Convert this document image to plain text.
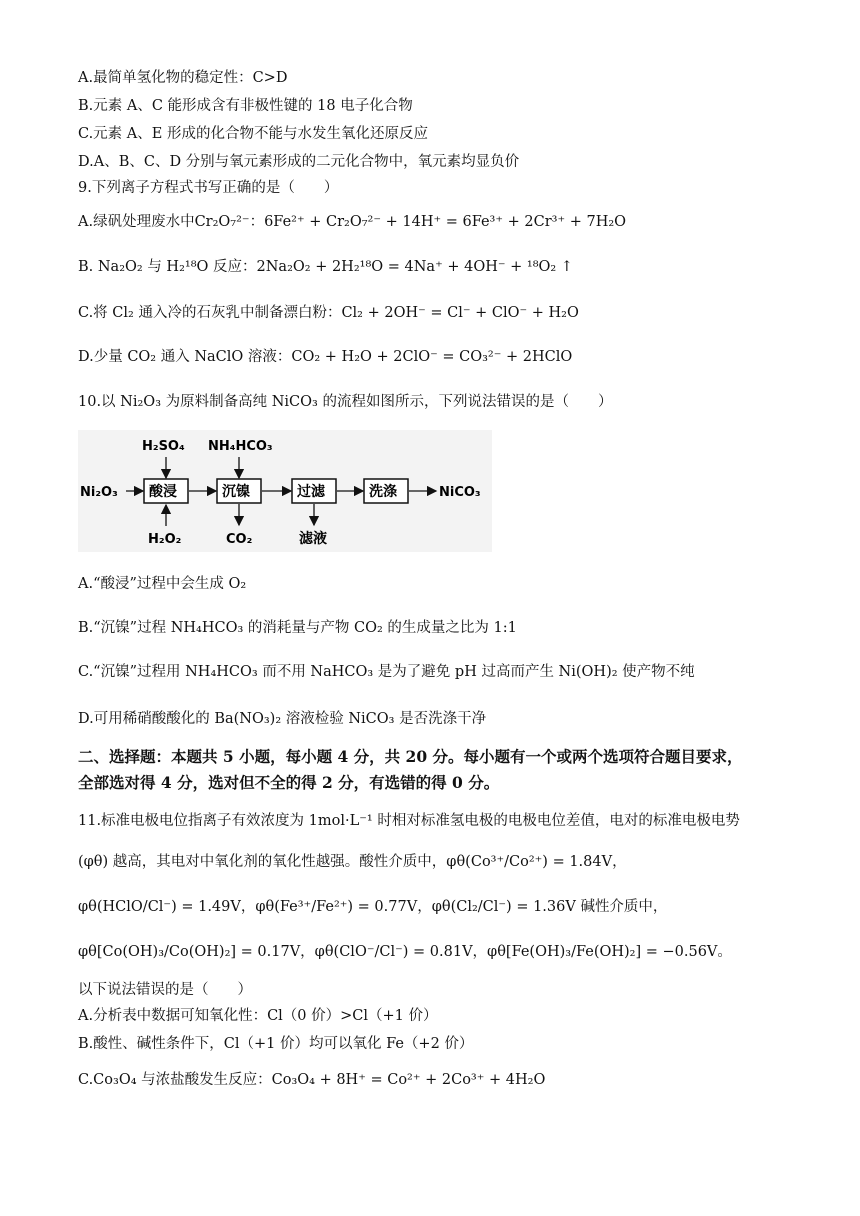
A.最简单氢化物的稳定性：C>D
B.元素 A、C 能形成含有非极性键的 18 电子化合物
C.元素 A、E 形成的化合物不能与水发生氧化还原反应
D.A、B、C、D 分别与氧元素形成的二元化合物中，氧元素均显负价
9.下列离子方程式书写正确的是（　　）
A.绿矾处理废水中Cr₂O₇²⁻：6Fe²⁺ + Cr₂O₇²⁻ + 14H⁺ = 6Fe³⁺ + 2Cr³⁺ + 7H₂O
B. Na₂O₂ 与 H₂¹⁸O 反应：2Na₂O₂ + 2H₂¹⁸O = 4Na⁺ + 4OH⁻ + ¹⁸O₂ ↑
C.将 Cl₂ 通入冷的石灰乳中制备漂白粉：Cl₂ + 2OH⁻ = Cl⁻ + ClO⁻ + H₂O
D.少量 CO₂ 通入 NaClO 溶液：CO₂ + H₂O + 2ClO⁻ = CO₃²⁻ + 2HClO
10.以 Ni₂O₃ 为原料制备高纯 NiCO₃ 的流程如图所示，下列说法错误的是（　　）
Ni₂O₃ 酸浸	沉镍	过滤	洗涤	NiCO₃
H₂SO₄ NH₄HCO₃
H₂O₂	CO₂	滤液
A.“酸浸”过程中会生成 O₂
B.“沉镍”过程 NH₄HCO₃ 的消耗量与产物 CO₂ 的生成量之比为 1:1
C.“沉镍”过程用 NH₄HCO₃ 而不用 NaHCO₃ 是为了避免 pH 过高而产生 Ni(OH)₂ 使产物不纯
D.可用稀硝酸酸化的 Ba(NO₃)₂ 溶液检验 NiCO₃ 是否洗涤干净
二、选择题：本题共 5 小题，每小题 4 分，共 20 分。每小题有一个或两个选项符合题目要求，
全部选对得 4 分，选对但不全的得 2 分，有选错的得 0 分。
11.标准电极电位指离子有效浓度为 1mol·L⁻¹ 时相对标准氢电极的电极电位差值，电对的标准电极电势
(φθ) 越高，其电对中氧化剂的氧化性越强。酸性介质中，φθ(Co³⁺/Co²⁺) = 1.84V，
φθ(HClO/Cl⁻) = 1.49V，φθ(Fe³⁺/Fe²⁺) = 0.77V，φθ(Cl₂/Cl⁻) = 1.36V 碱性介质中，
φθ[Co(OH)₃/Co(OH)₂] = 0.17V，φθ(ClO⁻/Cl⁻) = 0.81V，φθ[Fe(OH)₃/Fe(OH)₂] = −0.56V。
以下说法错误的是（　　）
A.分析表中数据可知氧化性：Cl（0 价）>Cl（+1 价）
B.酸性、碱性条件下，Cl（+1 价）均可以氧化 Fe（+2 价）
C.Co₃O₄ 与浓盐酸发生反应：Co₃O₄ + 8H⁺ = Co²⁺ + 2Co³⁺ + 4H₂O
